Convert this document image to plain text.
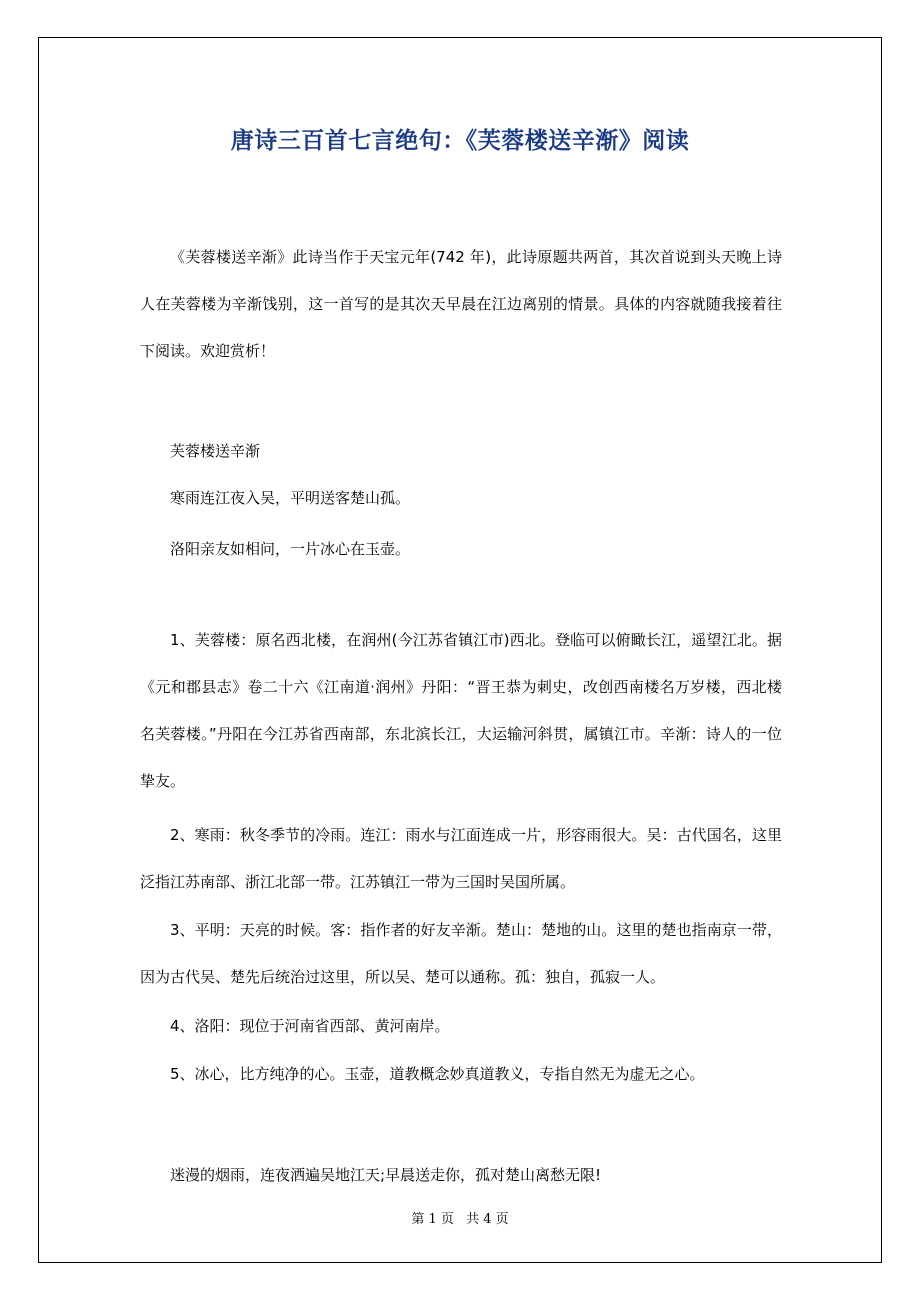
唐诗三百首七言绝句：《芙蓉楼送辛渐》阅读

《芙蓉楼送辛渐》此诗当作于天宝元年(742 年)，此诗原题共两首，其次首说到头天晚上诗人在芙蓉楼为辛渐饯别，这一首写的是其次天早晨在江边离别的情景。具体的内容就随我接着往下阅读。欢迎赏析！

芙蓉楼送辛渐
寒雨连江夜入吴，平明送客楚山孤。
洛阳亲友如相问，一片冰心在玉壶。

1、芙蓉楼：原名西北楼，在润州(今江苏省镇江市)西北。登临可以俯瞰长江，遥望江北。据《元和郡县志》卷二十六《江南道·润州》丹阳：“晋王恭为刺史，改创西南楼名万岁楼，西北楼名芙蓉楼。”丹阳在今江苏省西南部，东北滨长江，大运输河斜贯，属镇江市。辛渐：诗人的一位挚友。

2、寒雨：秋冬季节的冷雨。连江：雨水与江面连成一片，形容雨很大。吴：古代国名，这里泛指江苏南部、浙江北部一带。江苏镇江一带为三国时吴国所属。

3、平明：天亮的时候。客：指作者的好友辛渐。楚山：楚地的山。这里的楚也指南京一带，因为古代吴、楚先后统治过这里，所以吴、楚可以通称。孤：独自，孤寂一人。

4、洛阳：现位于河南省西部、黄河南岸。

5、冰心，比方纯净的心。玉壶，道教概念妙真道教义，专指自然无为虚无之心。

迷漫的烟雨，连夜洒遍吴地江天;早晨送走你，孤对楚山离愁无限!
第 1 页 共 4 页
